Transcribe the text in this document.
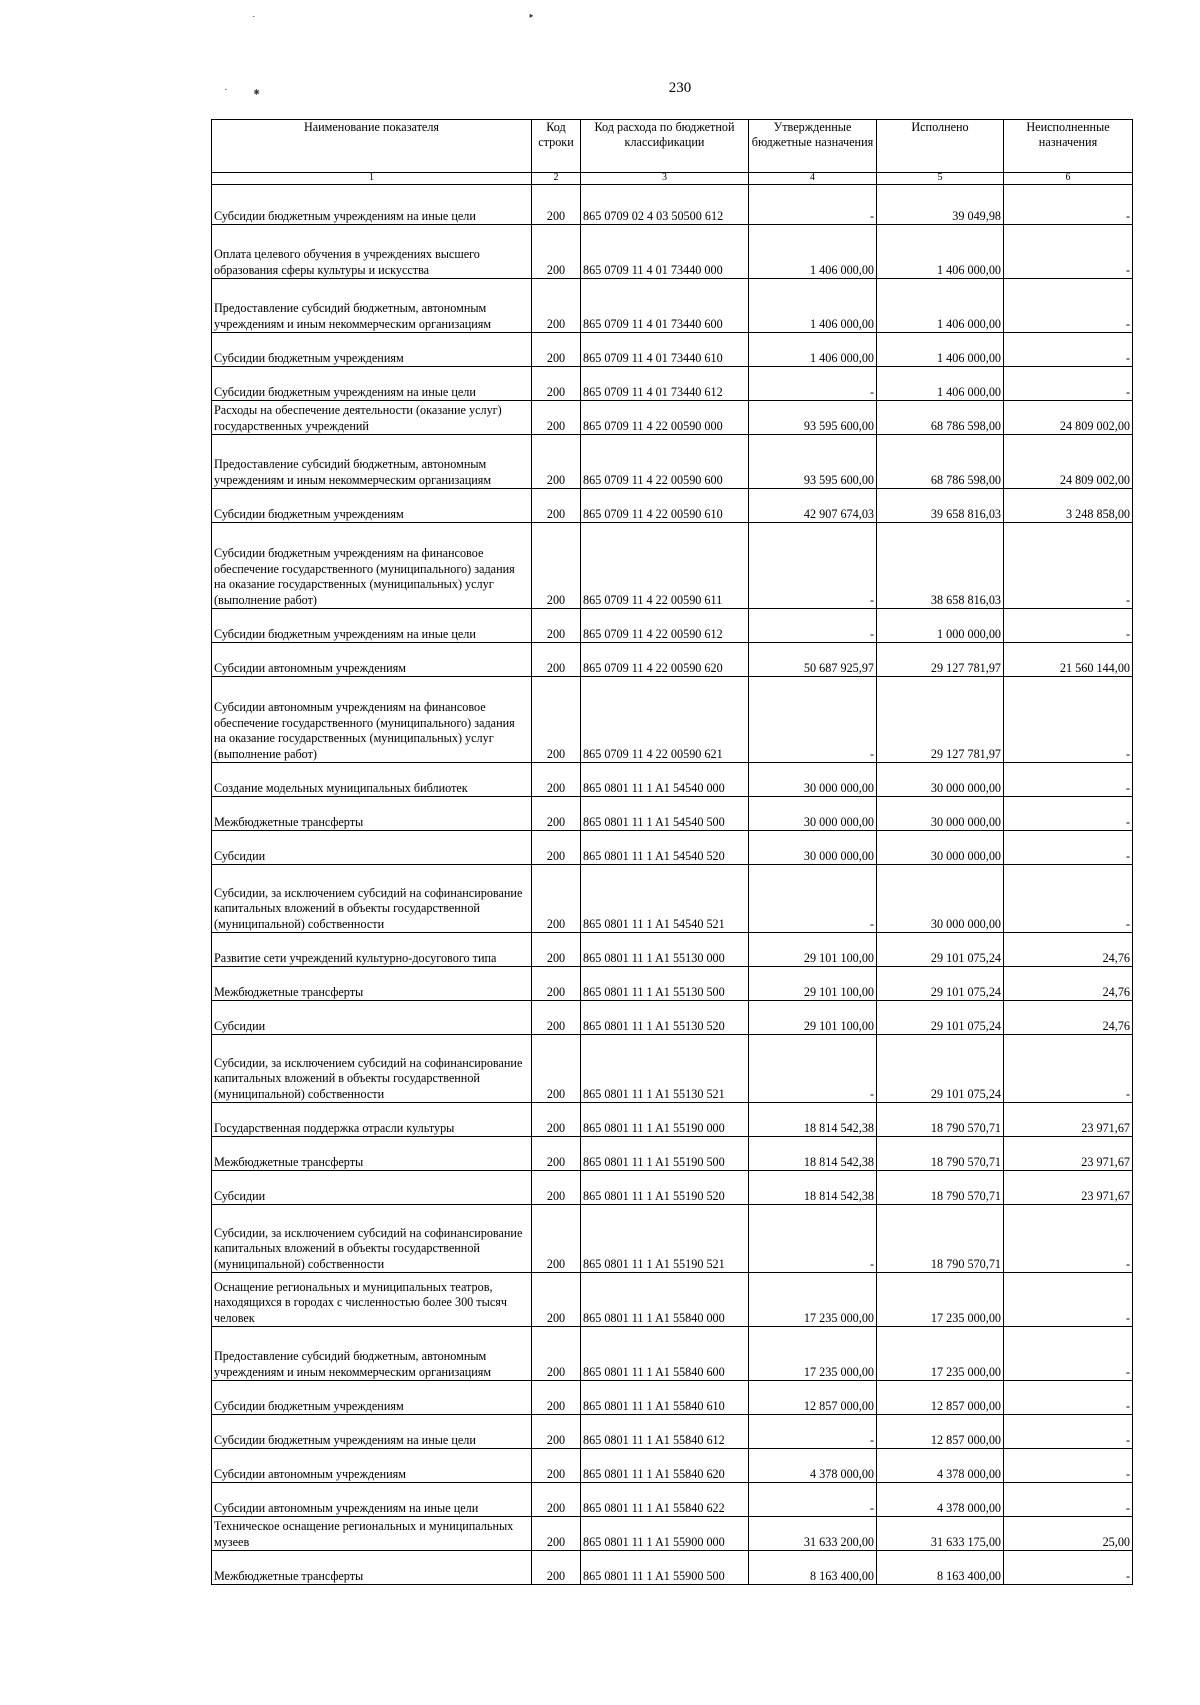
˙	‣
· ⁕	230
Наименование показателя	Код строки	Код расхода по бюджетной классификации	Утвержденные бюджетные назначения	Исполнено	Неисполненные назначения
1	2	3	4	5	6
Субсидии бюджетным учреждениям на иные цели	200	865 0709 02 4 03 50500 612	-	39 049,98	-
Оплата целевого обучения в учреждениях высшего образования сферы культуры и искусства	200	865 0709 11 4 01 73440 000	1 406 000,00	1 406 000,00	-
Предоставление субсидий бюджетным, автономным учреждениям и иным некоммерческим организациям	200	865 0709 11 4 01 73440 600	1 406 000,00	1 406 000,00	-
Субсидии бюджетным учреждениям	200	865 0709 11 4 01 73440 610	1 406 000,00	1 406 000,00	-
Субсидии бюджетным учреждениям на иные цели	200	865 0709 11 4 01 73440 612	-	1 406 000,00	-
Расходы на обеспечение деятельности (оказание услуг) государственных учреждений	200	865 0709 11 4 22 00590 000	93 595 600,00	68 786 598,00	24 809 002,00
Предоставление субсидий бюджетным, автономным учреждениям и иным некоммерческим организациям	200	865 0709 11 4 22 00590 600	93 595 600,00	68 786 598,00	24 809 002,00
Субсидии бюджетным учреждениям	200	865 0709 11 4 22 00590 610	42 907 674,03	39 658 816,03	3 248 858,00
Субсидии бюджетным учреждениям на финансовое обеспечение государственного (муниципального) задания на оказание государственных (муниципальных) услуг (выполнение работ)	200	865 0709 11 4 22 00590 611	-	38 658 816,03	-
Субсидии бюджетным учреждениям на иные цели	200	865 0709 11 4 22 00590 612	-	1 000 000,00	-
Субсидии автономным учреждениям	200	865 0709 11 4 22 00590 620	50 687 925,97	29 127 781,97	21 560 144,00
Субсидии автономным учреждениям на финансовое обеспечение государственного (муниципального) задания на оказание государственных (муниципальных) услуг (выполнение работ)	200	865 0709 11 4 22 00590 621	-	29 127 781,97	-
Создание модельных муниципальных библиотек	200	865 0801 11 1 A1 54540 000	30 000 000,00	30 000 000,00	-
Межбюджетные трансферты	200	865 0801 11 1 A1 54540 500	30 000 000,00	30 000 000,00	-
Субсидии	200	865 0801 11 1 A1 54540 520	30 000 000,00	30 000 000,00	-
Субсидии, за исключением субсидий на софинансирование капитальных вложений в объекты государственной (муниципальной) собственности	200	865 0801 11 1 A1 54540 521	-	30 000 000,00	-
Развитие сети учреждений культурно-досугового типа	200	865 0801 11 1 A1 55130 000	29 101 100,00	29 101 075,24	24,76
Межбюджетные трансферты	200	865 0801 11 1 A1 55130 500	29 101 100,00	29 101 075,24	24,76
Субсидии	200	865 0801 11 1 A1 55130 520	29 101 100,00	29 101 075,24	24,76
Субсидии, за исключением субсидий на софинансирование капитальных вложений в объекты государственной (муниципальной) собственности	200	865 0801 11 1 A1 55130 521	-	29 101 075,24	-
Государственная поддержка отрасли культуры	200	865 0801 11 1 A1 55190 000	18 814 542,38	18 790 570,71	23 971,67
Межбюджетные трансферты	200	865 0801 11 1 A1 55190 500	18 814 542,38	18 790 570,71	23 971,67
Субсидии	200	865 0801 11 1 A1 55190 520	18 814 542,38	18 790 570,71	23 971,67
Субсидии, за исключением субсидий на софинансирование капитальных вложений в объекты государственной (муниципальной) собственности	200	865 0801 11 1 A1 55190 521	-	18 790 570,71	-
Оснащение региональных и муниципальных театров, находящихся в городах с численностью более 300 тысяч человек	200	865 0801 11 1 A1 55840 000	17 235 000,00	17 235 000,00	-
Предоставление субсидий бюджетным, автономным учреждениям и иным некоммерческим организациям	200	865 0801 11 1 A1 55840 600	17 235 000,00	17 235 000,00	-
Субсидии бюджетным учреждениям	200	865 0801 11 1 A1 55840 610	12 857 000,00	12 857 000,00	-
Субсидии бюджетным учреждениям на иные цели	200	865 0801 11 1 A1 55840 612	-	12 857 000,00	-
Субсидии автономным учреждениям	200	865 0801 11 1 A1 55840 620	4 378 000,00	4 378 000,00	-
Субсидии автономным учреждениям на иные цели	200	865 0801 11 1 A1 55840 622	-	4 378 000,00	-
Техническое оснащение региональных и муниципальных музеев	200	865 0801 11 1 A1 55900 000	31 633 200,00	31 633 175,00	25,00
Межбюджетные трансферты	200	865 0801 11 1 A1 55900 500	8 163 400,00	8 163 400,00	-
